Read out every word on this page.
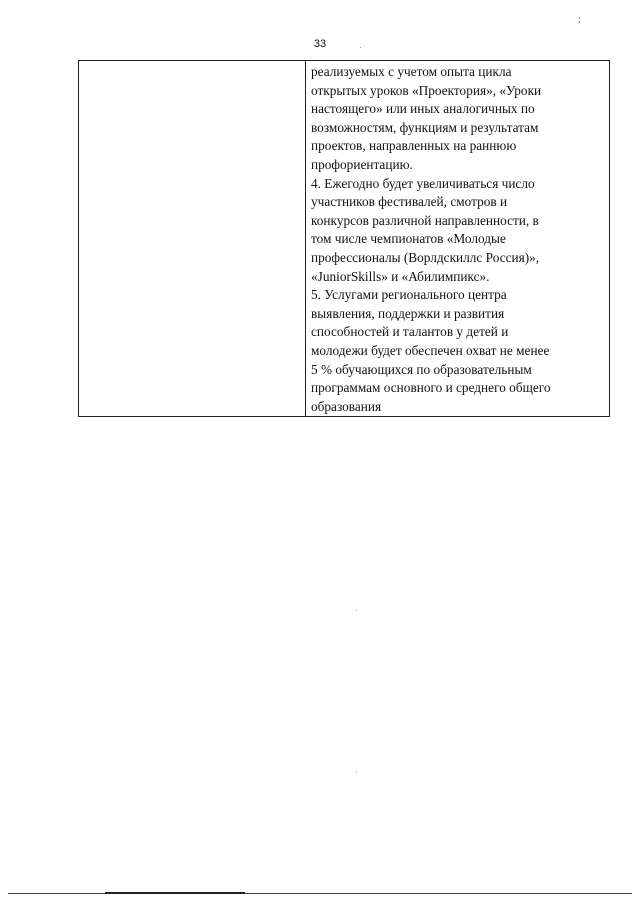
;
33

реализуемых с учетом опыта цикла
открытых уроков «Проектория», «Уроки
настоящего» или иных аналогичных по
возможностям, функциям и результатам
проектов, направленных на раннюю
профориентацию.

4. Ежегодно будет увеличиваться число
участников фестивалей, смотров и
конкурсов различной направленности, в
том числе чемпионатов «Молодые
профессионалы (Ворлдскиллс Россия)»,
«JuniorSkills» и «Абилимпикс».

5. Услугами регионального центра
выявления, поддержки и развития
способностей и талантов у детей и
молодежи будет обеспечен охват не менее
5 % обучающихся по образовательным
программам основного и среднего общего
образования
